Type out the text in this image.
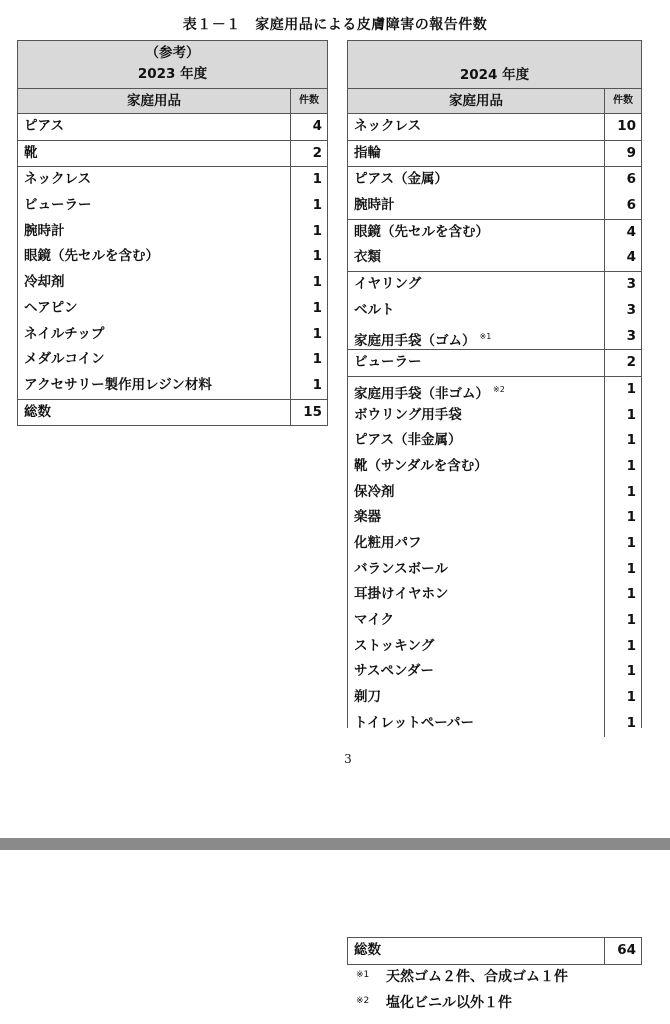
表１－１　家庭用品による皮膚障害の報告件数
（参考）
2023 年度
家庭用品	件数
ピアス	4
靴	2
ネックレス	1
ビューラー	1
腕時計	1
眼鏡（先セルを含む）	1
冷却剤	1
ヘアピン	1
ネイルチップ	1
メダルコイン	1
アクセサリー製作用レジン材料	1
総数	15
2024 年度
家庭用品	件数
ネックレス	10
指輪	9
ピアス（金属）	6
腕時計	6
眼鏡（先セルを含む）	4
衣類	4
イヤリング	3
ベルト	3
家庭用手袋（ゴム） $^{※1}$	3
ビューラー	2
家庭用手袋（非ゴム） $^{※2}$	1
ボウリング用手袋	1
ピアス（非金属）	1
靴（サンダルを含む）	1
保冷剤	1
楽器	1
化粧用パフ	1
バランスボール	1
耳掛けイヤホン	1
マイク	1
ストッキング	1
サスペンダー	1
剃刀	1
トイレットペーパー	1
3
総数	64
※1	天然ゴム２件、合成ゴム１件
※2	塩化ビニル以外１件
